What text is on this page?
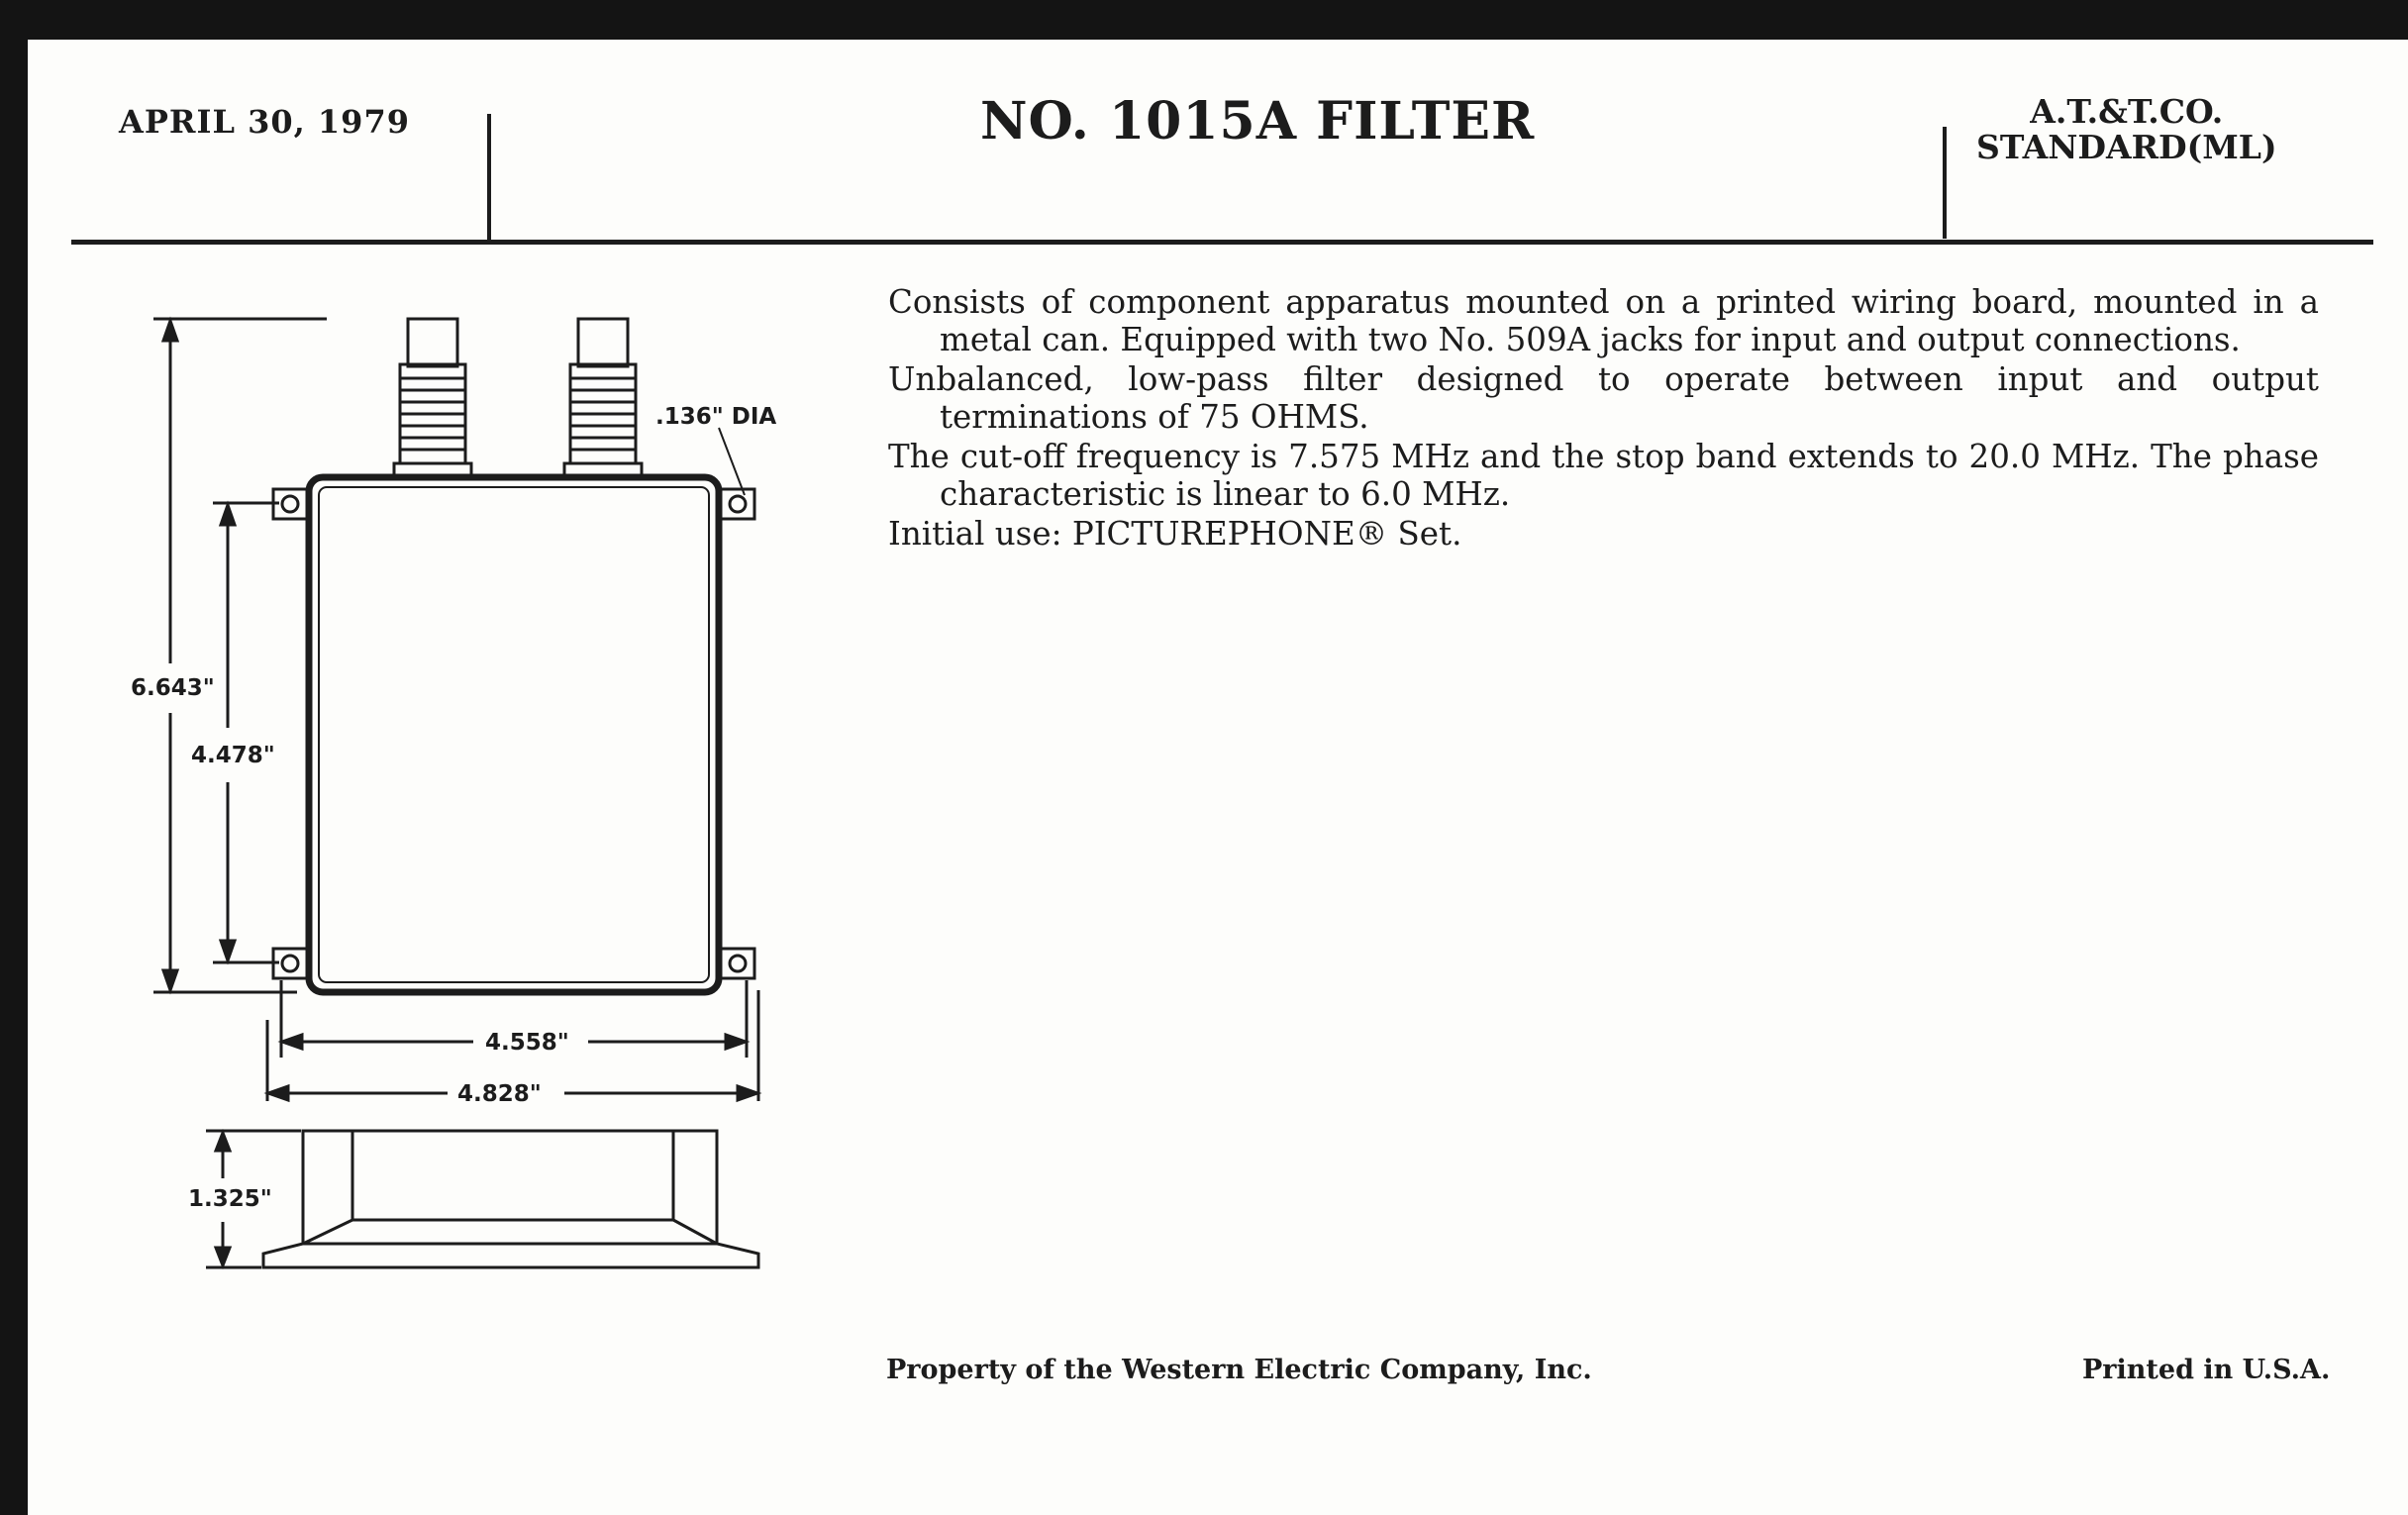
APRIL 30, 1979	NO. 1015A FILTER	A.T.&T.CO.
STANDARD(ML)
6.643"
4.478"
4.558"
4.828"
1.325"
.136" DIA

Consists of component apparatus mounted on a printed wiring board, mounted in a metal can. Equipped with two No. 509A jacks for input and output connections.

Unbalanced, low-pass filter designed to operate between input and output terminations of 75 OHMS.

The cut-off frequency is 7.575 MHz and the stop band extends to 20.0 MHz. The phase characteristic is linear to 6.0 MHz.

Initial use: PICTUREPHONE® Set.

Property of the Western Electric Company, Inc.	Printed in U.S.A.
